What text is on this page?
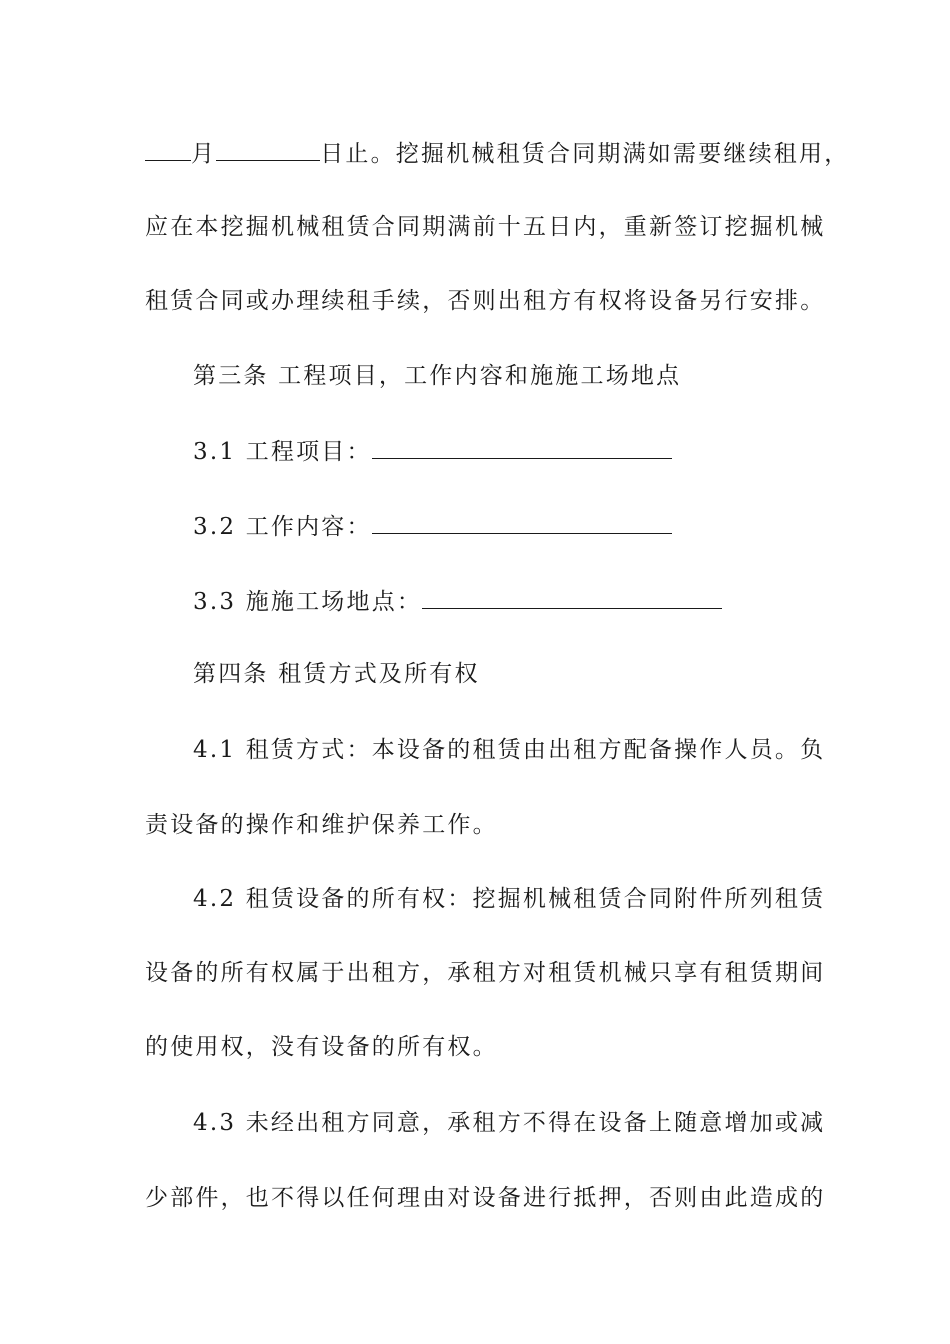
月	日止。挖掘机械租赁合同期满如需要继续租用，
应在本挖掘机械租赁合同期满前十五日内，重新签订挖掘机械
租赁合同或办理续租手续，否则出租方有权将设备另行安排。
第三条 工程项目，工作内容和施施工场地点
3.1 工程项目：
3.2 工作内容：
3.3 施施工场地点：
第四条 租赁方式及所有权
4.1 租赁方式：本设备的租赁由出租方配备操作人员。负
责设备的操作和维护保养工作。
4.2 租赁设备的所有权：挖掘机械租赁合同附件所列租赁
设备的所有权属于出租方，承租方对租赁机械只享有租赁期间
的使用权，没有设备的所有权。
4.3 未经出租方同意，承租方不得在设备上随意增加或减
少部件，也不得以任何理由对设备进行抵押，否则由此造成的
